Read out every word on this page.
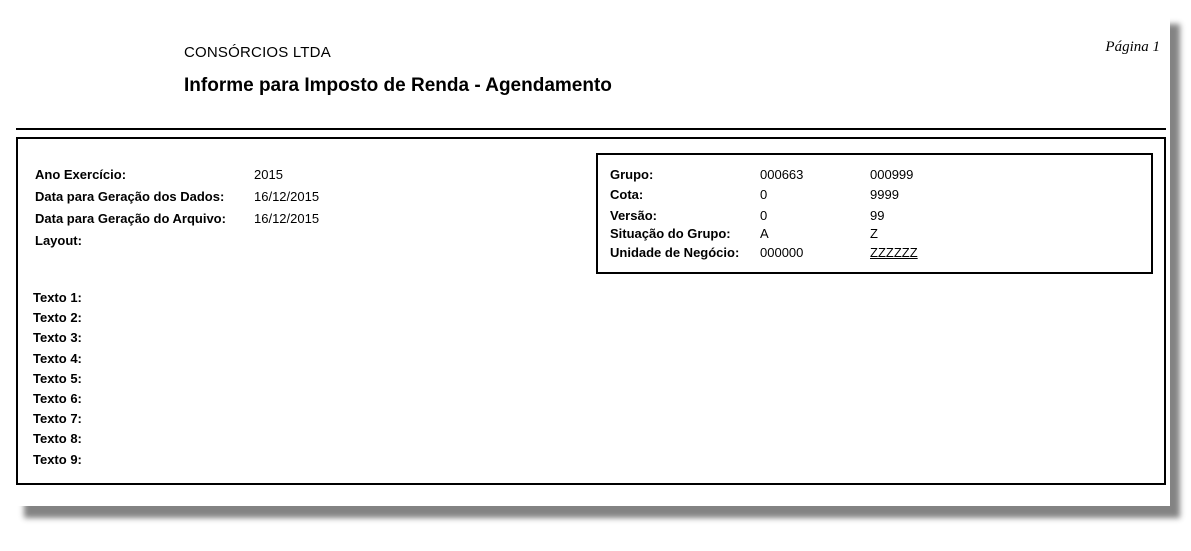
CONSÓRCIOS LTDA
Informe para Imposto de Renda - Agendamento
Página 1
Ano Exercício:	2015
Data para Geração dos Dados: 16/12/2015
Data para Geração do Arquivo: 16/12/2015
Layout:
Grupo:	000663	000999
Cota:	0	9999
Versão:	0	99
Situação do Grupo: A	Z
Unidade de Negócio: 000000	ZZZZZZ
Texto 1:
Texto 2:
Texto 3:
Texto 4:
Texto 5:
Texto 6:
Texto 7:
Texto 8:
Texto 9:
